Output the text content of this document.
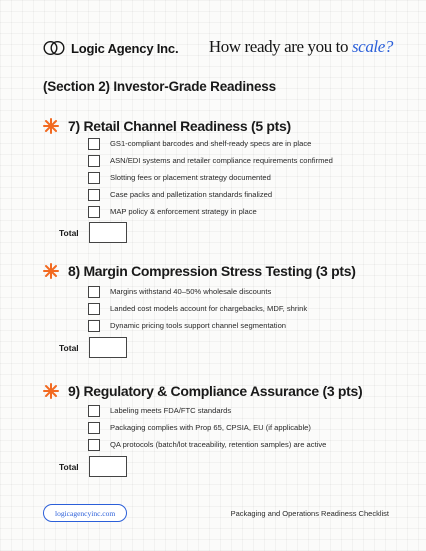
Logic Agency Inc. How ready are you to scale?
(Section 2) Investor-Grade Readiness
7) Retail Channel Readiness (5 pts)
GS1-compliant barcodes and shelf-ready specs are in place
ASN/EDI systems and retailer compliance requirements confirmed
Slotting fees or placement strategy documented
Case packs and palletization standards finalized
MAP policy & enforcement strategy in place
Total
8) Margin Compression Stress Testing (3 pts)
Margins withstand 40–50% wholesale discounts
Landed cost models account for chargebacks, MDF, shrink
Dynamic pricing tools support channel segmentation
Total
9) Regulatory & Compliance Assurance (3 pts)
Labeling meets FDA/FTC standards
Packaging complies with Prop 65, CPSIA, EU (if applicable)
QA protocols (batch/lot traceability, retention samples) are active
Total
logicagencyinc.com	Packaging and Operations Readiness Checklist
